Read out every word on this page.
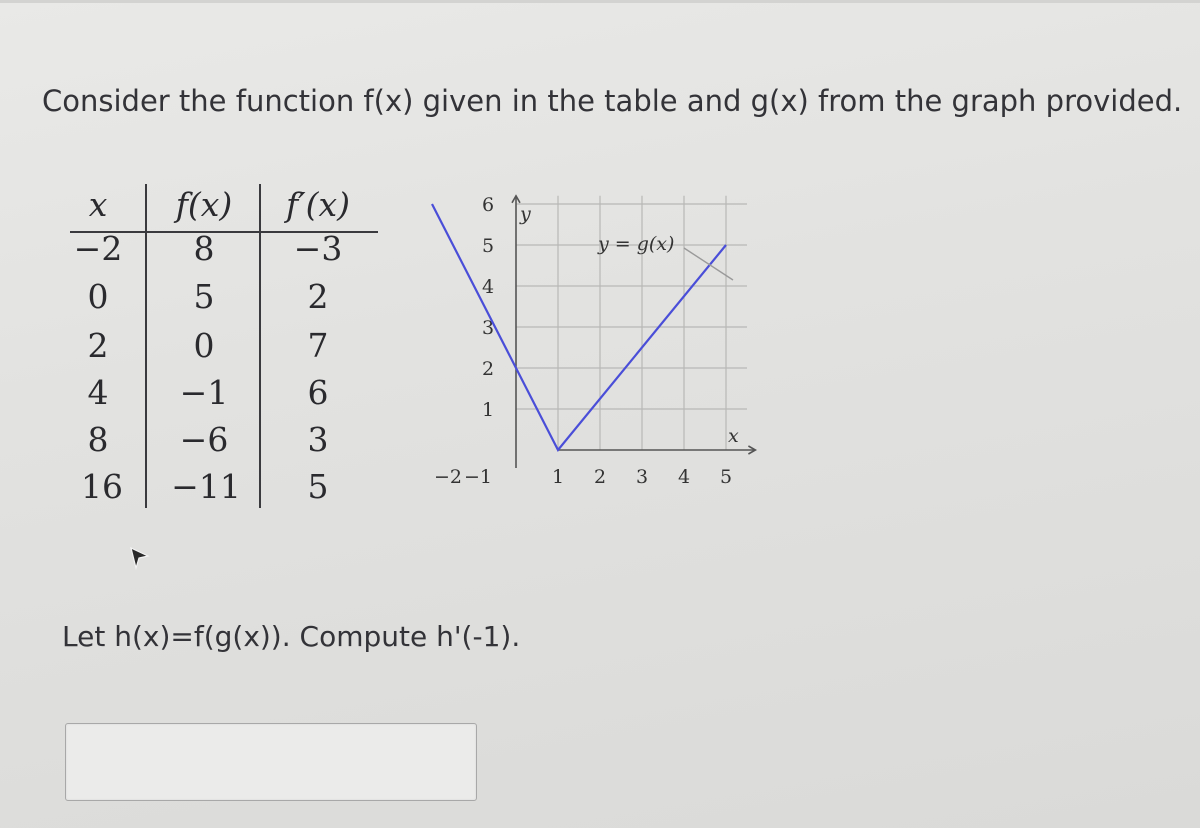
Consider the function f(x) given in the table and g(x) from the graph provided.
x f(x) f′(x)
−2 8 −3
0	5	2
2	0	7
4 −1 6
8 −6 3
16 −11 5
6
5
4
3
2
1
−2 −1	1 2 3 4 5
y
x
y = g(x)
Let h(x)=f(g(x)). Compute h'(-1).
